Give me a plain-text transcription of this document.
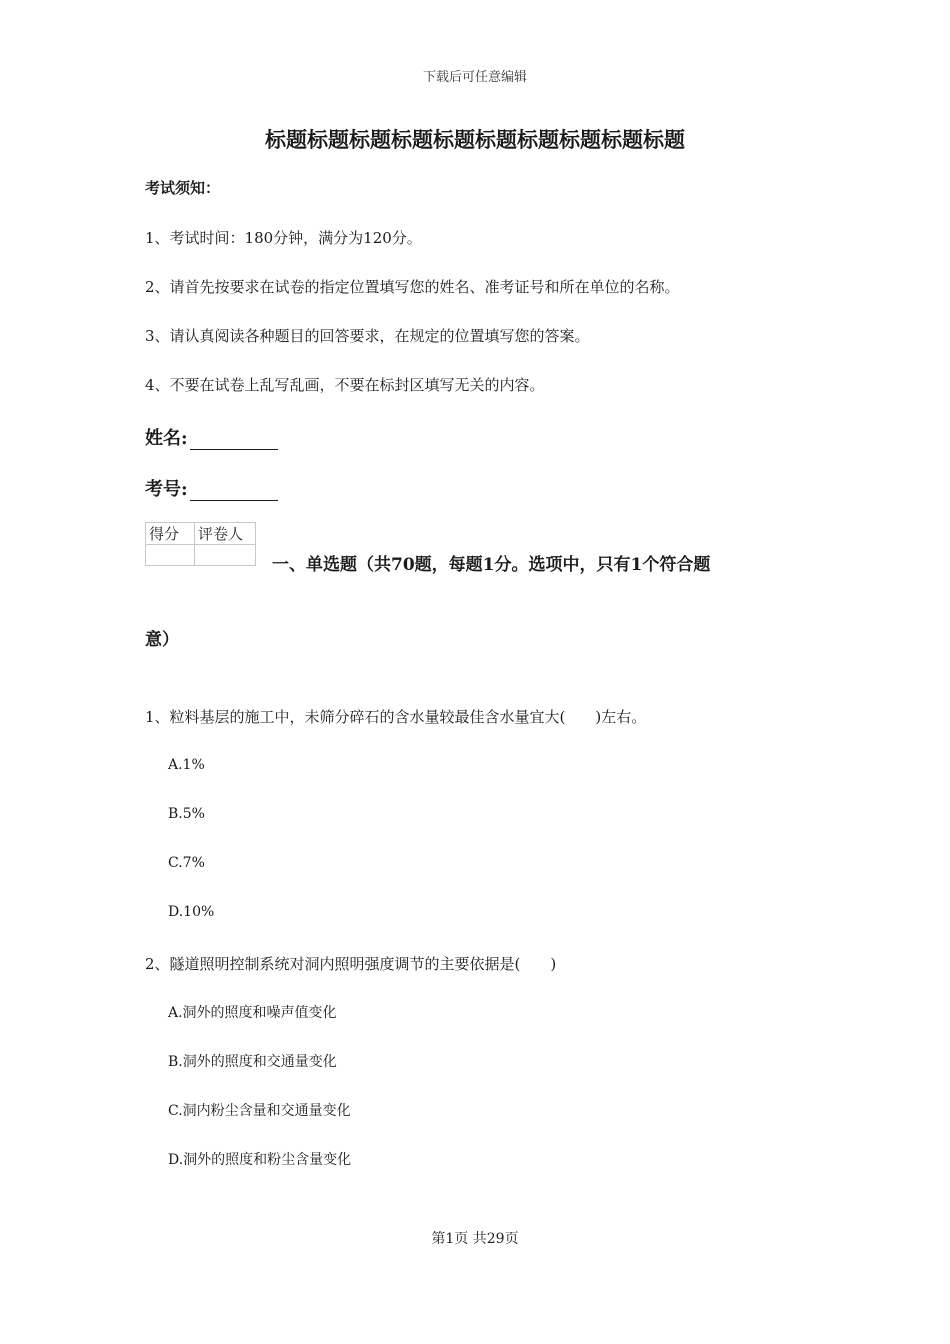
下载后可任意编辑
标题标题标题标题标题标题标题标题标题标题
考试须知：
1、考试时间：180分钟，满分为120分。
2、请首先按要求在试卷的指定位置填写您的姓名、准考证号和所在单位的名称。
3、请认真阅读各种题目的回答要求，在规定的位置填写您的答案。
4、不要在试卷上乱写乱画，不要在标封区填写无关的内容。
姓名:
考号:
得分	评卷人

一、单选题（共70题，每题1分。选项中，只有1个符合题
意）
1、粒料基层的施工中，未筛分碎石的含水量较最佳含水量宜大(　　)左右。
A.1%
B.5%
C.7%
D.10%
2、隧道照明控制系统对洞内照明强度调节的主要依据是(　　)
A.洞外的照度和噪声值变化
B.洞外的照度和交通量变化
C.洞内粉尘含量和交通量变化
D.洞外的照度和粉尘含量变化
第1页 共29页
